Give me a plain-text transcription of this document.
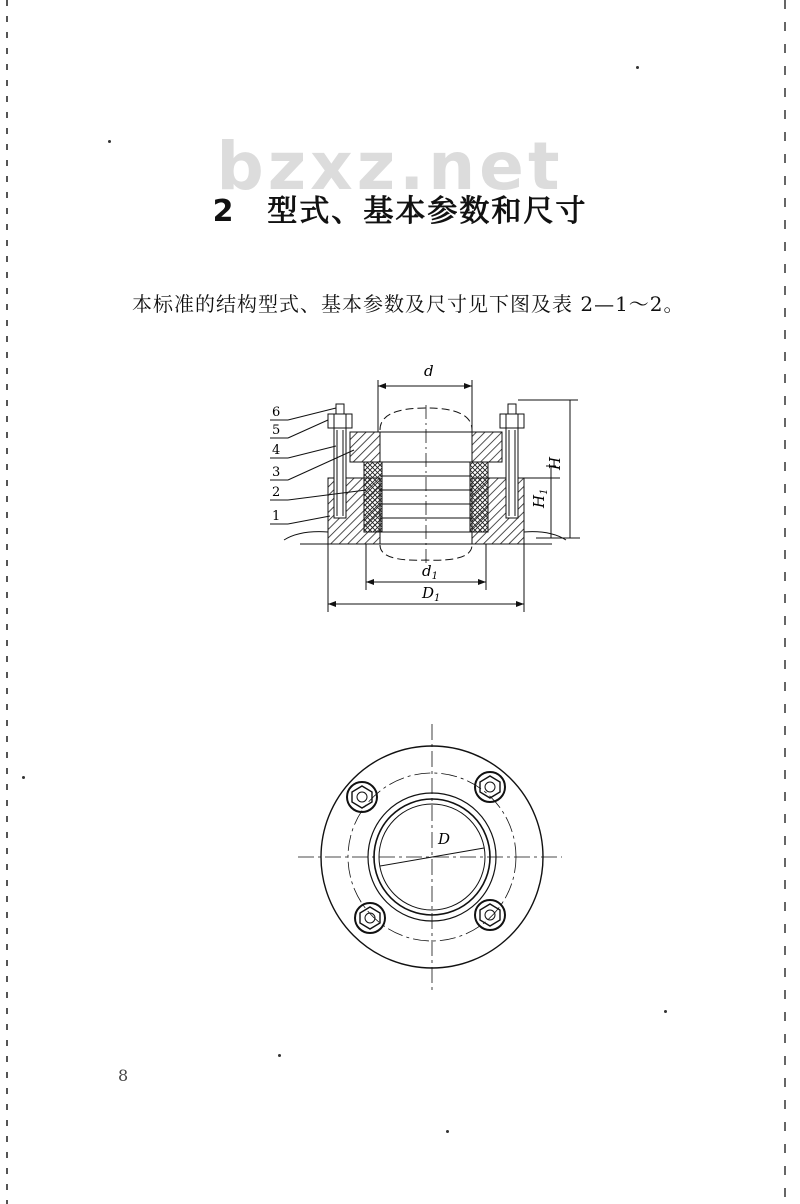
bzxz.net
2　型式、基本参数和尺寸
本标准的结构型式、基本参数及尺寸见下图及表 2—1～2。
d
6
5
4
3
2
1
H
$H_1$
$d_1$
$D_1$
D
8
